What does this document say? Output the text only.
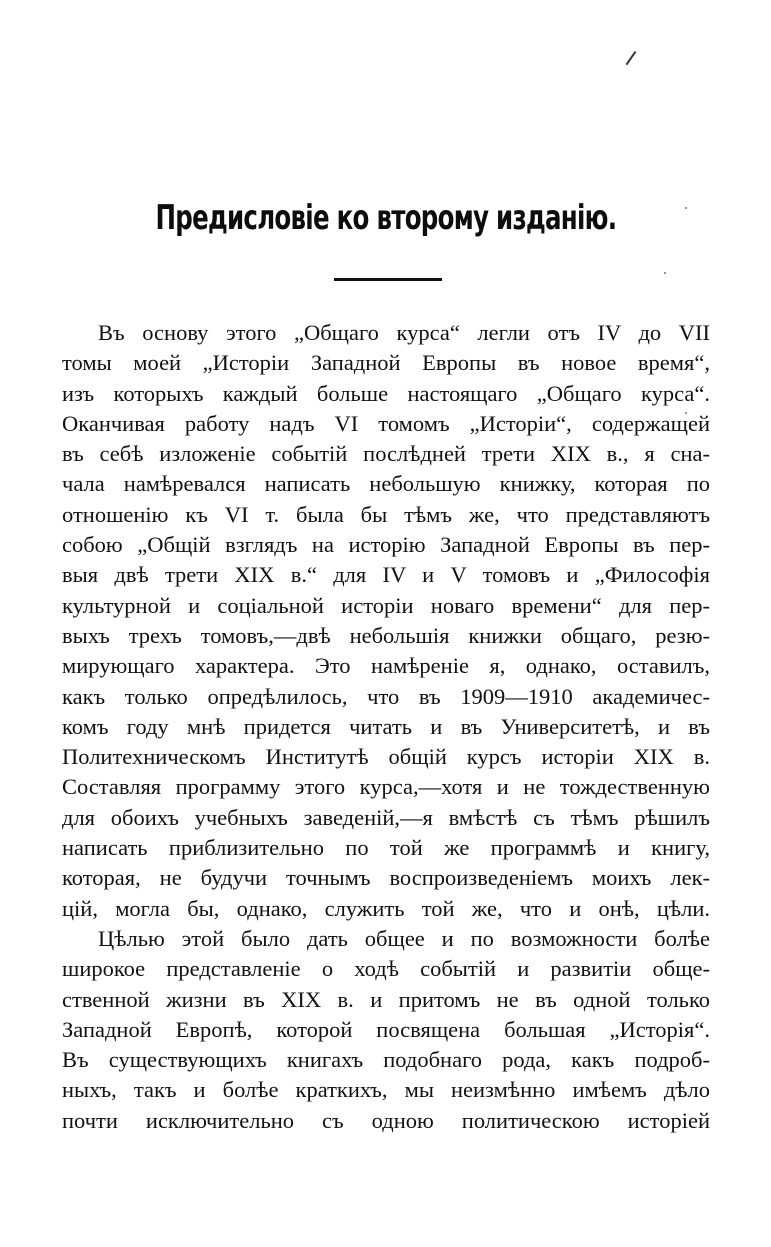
Предисловіе ко второму изданію.
Въ основу этого „Общаго курса“ легли отъ IV до VII
томы моей „Исторіи Западной Европы въ новое время“,
изъ которыхъ каждый больше настоящаго „Общаго курса“.
Оканчивая работу надъ VI томомъ „Исторіи“, содержащей
въ себѣ изложеніе событій послѣдней трети XIX в., я сна-
чала намѣревался написать небольшую книжку, которая по
отношенію къ VI т. была бы тѣмъ же, что представляютъ
собою „Общій взглядъ на исторію Западной Европы въ пер-
выя двѣ трети XIX в.“ для IV и V томовъ и „Философія
культурной и соціальной исторіи новаго времени“ для пер-
выхъ трехъ томовъ,—двѣ небольшія книжки общаго, резю-
мирующаго характера. Это намѣреніе я, однако, оставилъ,
какъ только опредѣлилось, что въ 1909—1910 академичес-
комъ году мнѣ придется читать и въ Университетѣ, и въ
Политехническомъ Институтѣ общій курсъ исторіи XIX в.
Составляя программу этого курса,—хотя и не тождественную
для обоихъ учебныхъ заведеній,—я вмѣстѣ съ тѣмъ рѣшилъ
написать приблизительно по той же программѣ и книгу,
которая, не будучи точнымъ воспроизведеніемъ моихъ лек-
цій, могла бы, однако, служить той же, что и онѣ, цѣли.
Цѣлью этой было дать общее и по возможности болѣе
широкое представленіе о ходѣ событій и развитіи обще-
ственной жизни въ XIX в. и притомъ не въ одной только
Западной Европѣ, которой посвящена большая „Исторія“.
Въ существующихъ книгахъ подобнаго рода, какъ подроб-
ныхъ, такъ и болѣе краткихъ, мы неизмѣнно имѣемъ дѣло
почти исключительно съ одною политическою исторіей
